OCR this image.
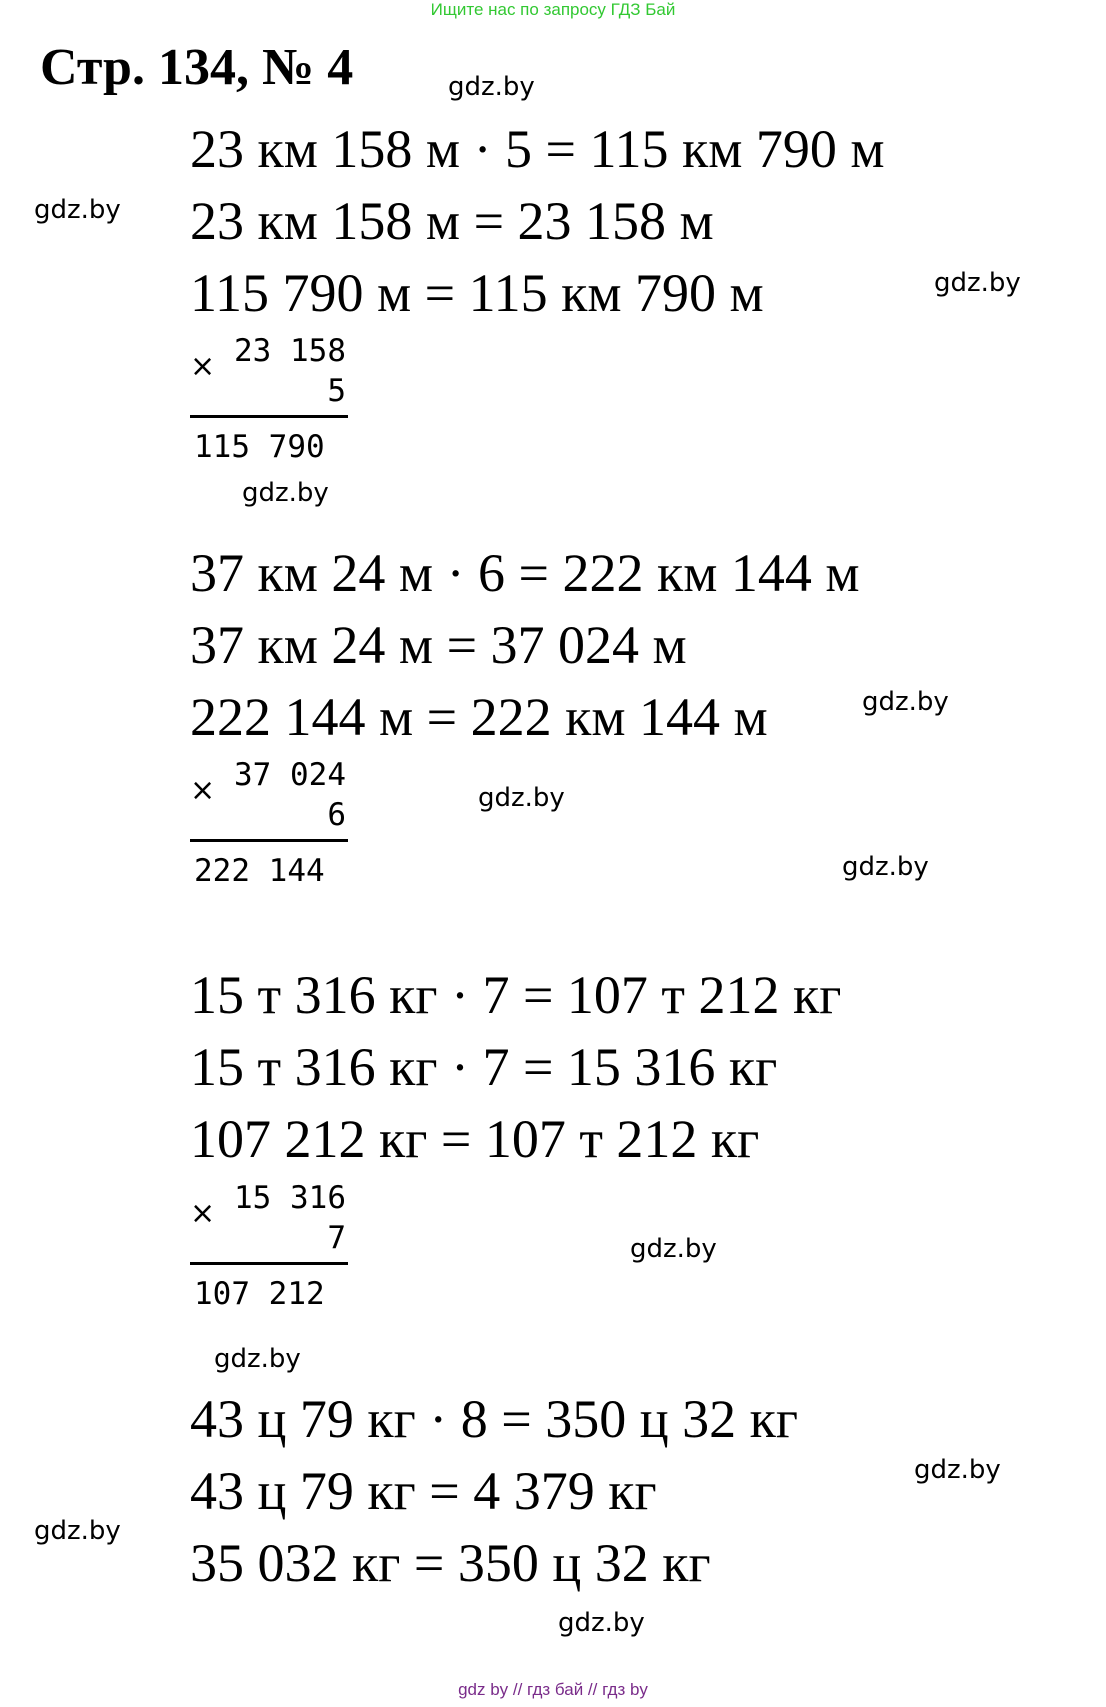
Ищите нас по запросу ГДЗ Бай
Стр. 134, № 4	gdz.by
gdz.by
gdz.by
gdz.by
gdz.by
gdz.by
gdz.by
gdz.by
gdz.by
gdz.by
gdz.by
gdz.by
23 км 158 м · 5 = 115 км 790 м
23 км 158 м = 23 158 м
115 790 м = 115 км 790 м
× 23 158
5
115 790
37 км 24 м · 6 = 222 км 144 м
37 км 24 м = 37 024 м
222 144 м = 222 км 144 м
× 37 024
6
222 144
15 т 316 кг · 7 = 107 т 212 кг
15 т 316 кг · 7 = 15 316 кг
107 212 кг = 107 т 212 кг
× 15 316
7
107 212
43 ц 79 кг · 8 = 350 ц 32 кг
43 ц 79 кг = 4 379 кг
35 032 кг = 350 ц 32 кг
gdz by // гдз бай // гдз by
